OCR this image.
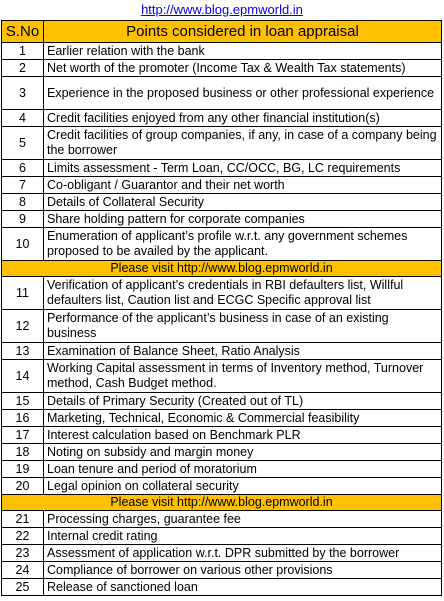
http://www.blog.epmworld.in
S.No	Points considered in loan appraisal
1	Earlier relation with the bank
2	Net worth of the promoter (Income Tax & Wealth Tax statements)
3	Experience in the proposed business or other professional experience
4	Credit facilities enjoyed from any other financial institution(s)
5	Credit facilities of group companies, if any, in case of a company being the borrower
6	Limits assessment - Term Loan, CC/OCC, BG, LC requirements
7	Co-obligant / Guarantor and their net worth
8	Details of Collateral Security
9	Share holding pattern for corporate companies
10	Enumeration of applicant’s profile w.r.t. any government schemes proposed to be availed by the applicant.
Please visit http://www.blog.epmworld.in	
11	Verification of applicant’s credentials in RBI defaulters list, Willful defaulters list, Caution list and ECGC Specific approval list
12	Performance of the applicant’s business in case of an existing business
13	Examination of Balance Sheet, Ratio Analysis
14	Working Capital assessment in terms of Inventory method, Turnover method, Cash Budget method.
15	Details of Primary Security (Created out of TL)
16	Marketing, Technical, Economic & Commercial feasibility
17	Interest calculation based on Benchmark PLR
18	Noting on subsidy and margin money
19	Loan tenure and period of moratorium
20	Legal opinion on collateral security
Please visit http://www.blog.epmworld.in	
21	Processing charges, guarantee fee
22	Internal credit rating
23	Assessment of application w.r.t. DPR submitted by the borrower
24	Compliance of borrower on various other provisions
25	Release of sanctioned loan
